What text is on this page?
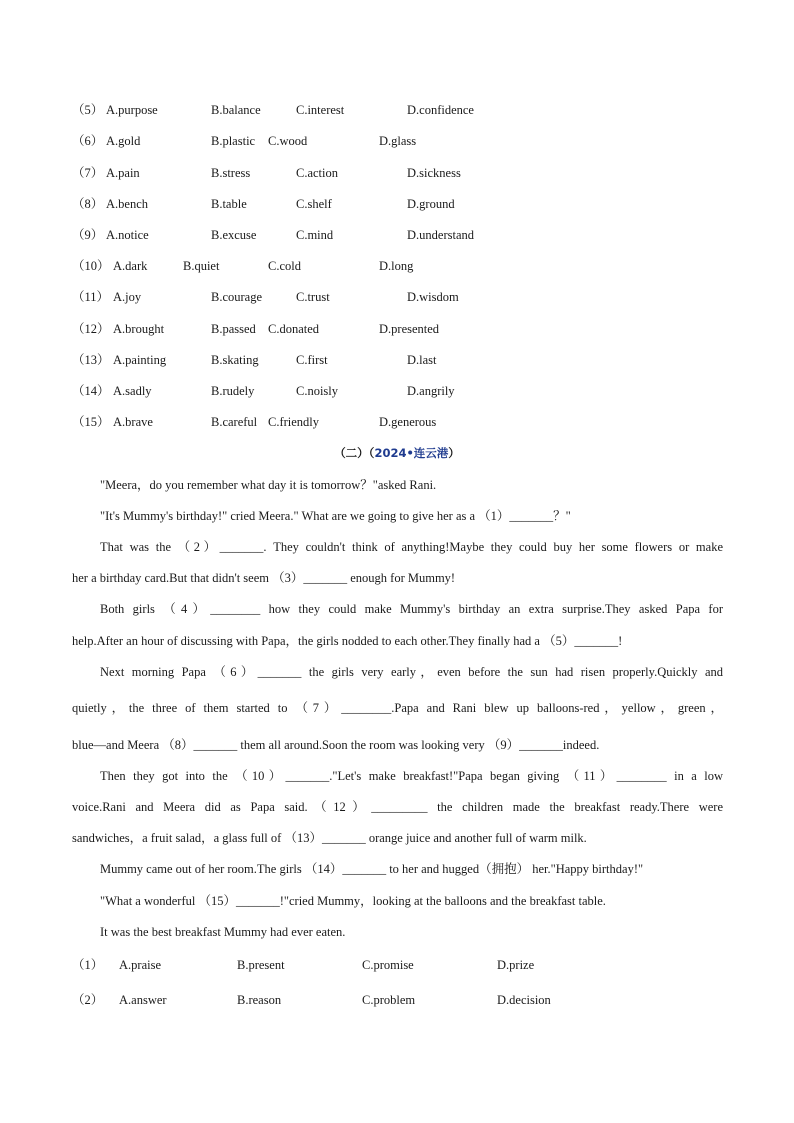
（5） A.purpose	B.balance	C.interest	D.confidence
（6） A.gold	B.plastic C.wood	D.glass
（7） A.pain	B.stress	C.action	D.sickness
（8） A.bench	B.table	C.shelf	D.ground
（9） A.notice	B.excuse	C.mind	D.understand
（10） A.dark	B.quiet	C.cold	D.long
（11） A.joy	B.courage	C.trust	D.wisdom
（12） A.brought	B.passed C.donated	D.presented
（13） A.painting	B.skating	C.first	D.last
（14） A.sadly	B.rudely	C.noisly	D.angrily
（15） A.brave	B.careful C.friendly	D.generous
（二）（2024•连云港）
"Meera，do you remember what day it is tomorrow？"asked Rani.
"It's Mummy's birthday!" cried Meera." What are we going to give her as a （1）_______？"
That was the （2）_______. They couldn't think of anything!Maybe they could buy her some flowers or make
her a birthday card.But that didn't seem （3）_______ enough for Mummy!
Both girls （4）________ how they could make Mummy's birthday an extra surprise.They asked Papa for
help.After an hour of discussing with Papa，the girls nodded to each other.They finally had a （5）_______!
Next morning Papa （6）_______ the girls very early，even before the sun had risen properly.Quickly and
quietly，the three of them started to （7）________.Papa and Rani blew up balloons-red，yellow，green，
blue—and Meera （8）_______ them all around.Soon the room was looking very （9）_______indeed.
Then they got into the （10）_______."Let's make breakfast!"Papa began giving （11）________ in a low
voice.Rani and Meera did as Papa said.（12）_________ the children made the breakfast ready.There were
sandwiches，a fruit salad，a glass full of （13）_______ orange juice and another full of warm milk.
Mummy came out of her room.The girls （14）_______ to her and hugged（拥抱） her."Happy birthday!"
"What a wonderful （15）_______!"cried Mummy，looking at the balloons and the breakfast table.
It was the best breakfast Mummy had ever eaten.
（1） A.praise	B.present	C.promise	D.prize
（2） A.answer	B.reason	C.problem	D.decision
